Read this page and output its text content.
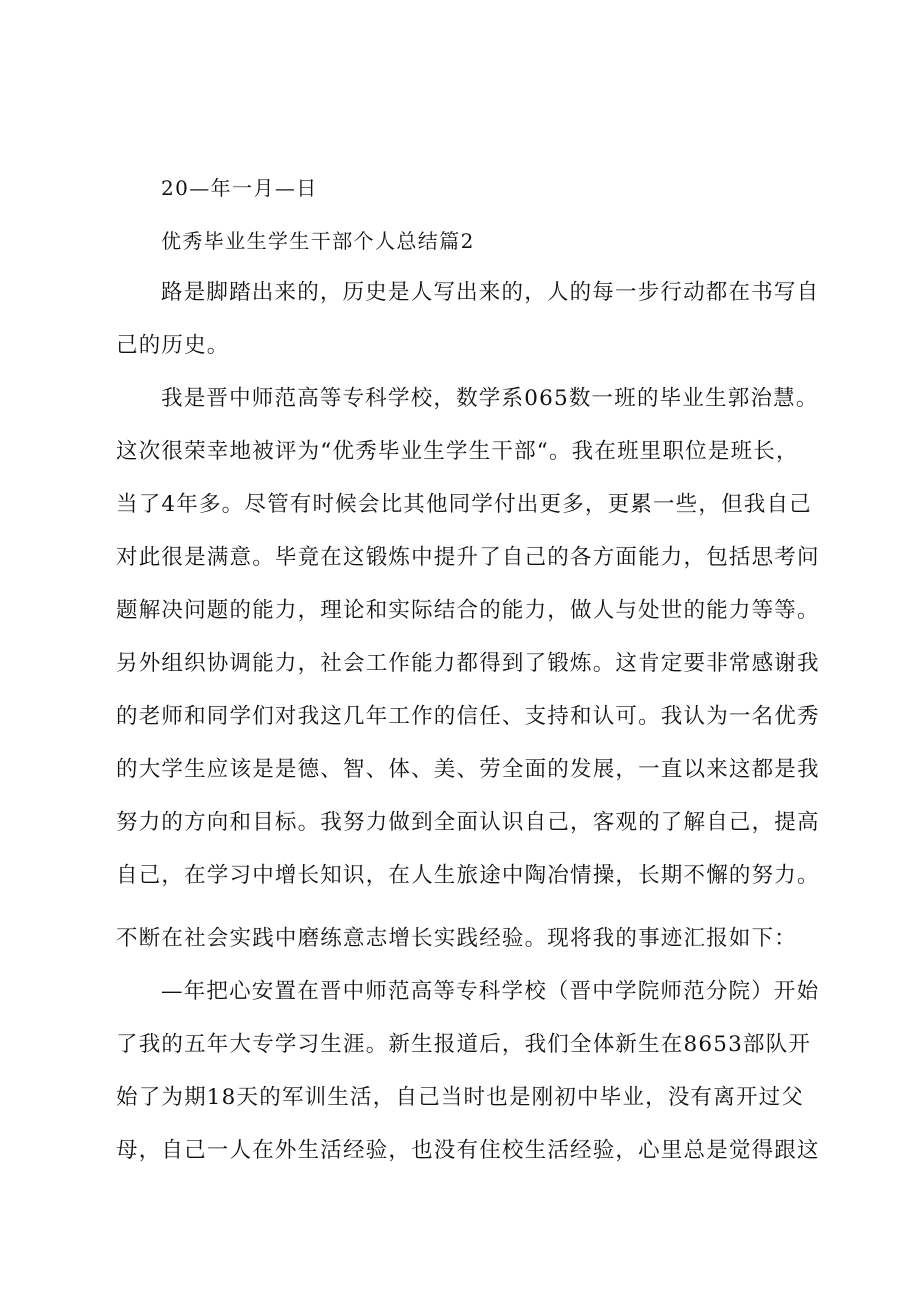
20—年一月—日
优秀毕业生学生干部个人总结篇2
路是脚踏出来的，历史是人写出来的，人的每一步行动都在书写自
己的历史。
我是晋中师范高等专科学校，数学系065数一班的毕业生郭治慧。
这次很荣幸地被评为“优秀毕业生学生干部“。我在班里职位是班长，
当了4年多。尽管有时候会比其他同学付出更多，更累一些，但我自己
对此很是满意。毕竟在这锻炼中提升了自己的各方面能力，包括思考问
题解决问题的能力，理论和实际结合的能力，做人与处世的能力等等。
另外组织协调能力，社会工作能力都得到了锻炼。这肯定要非常感谢我
的老师和同学们对我这几年工作的信任、支持和认可。我认为一名优秀
的大学生应该是是德、智、体、美、劳全面的发展，一直以来这都是我
努力的方向和目标。我努力做到全面认识自己，客观的了解自己，提高
自己，在学习中增长知识，在人生旅途中陶冶情操，长期不懈的努力。
不断在社会实践中磨练意志增长实践经验。现将我的事迹汇报如下：
—年把心安置在晋中师范高等专科学校（晋中学院师范分院）开始
了我的五年大专学习生涯。新生报道后，我们全体新生在8653部队开
始了为期18天的军训生活，自己当时也是刚初中毕业，没有离开过父
母，自己一人在外生活经验，也没有住校生活经验，心里总是觉得跟这
